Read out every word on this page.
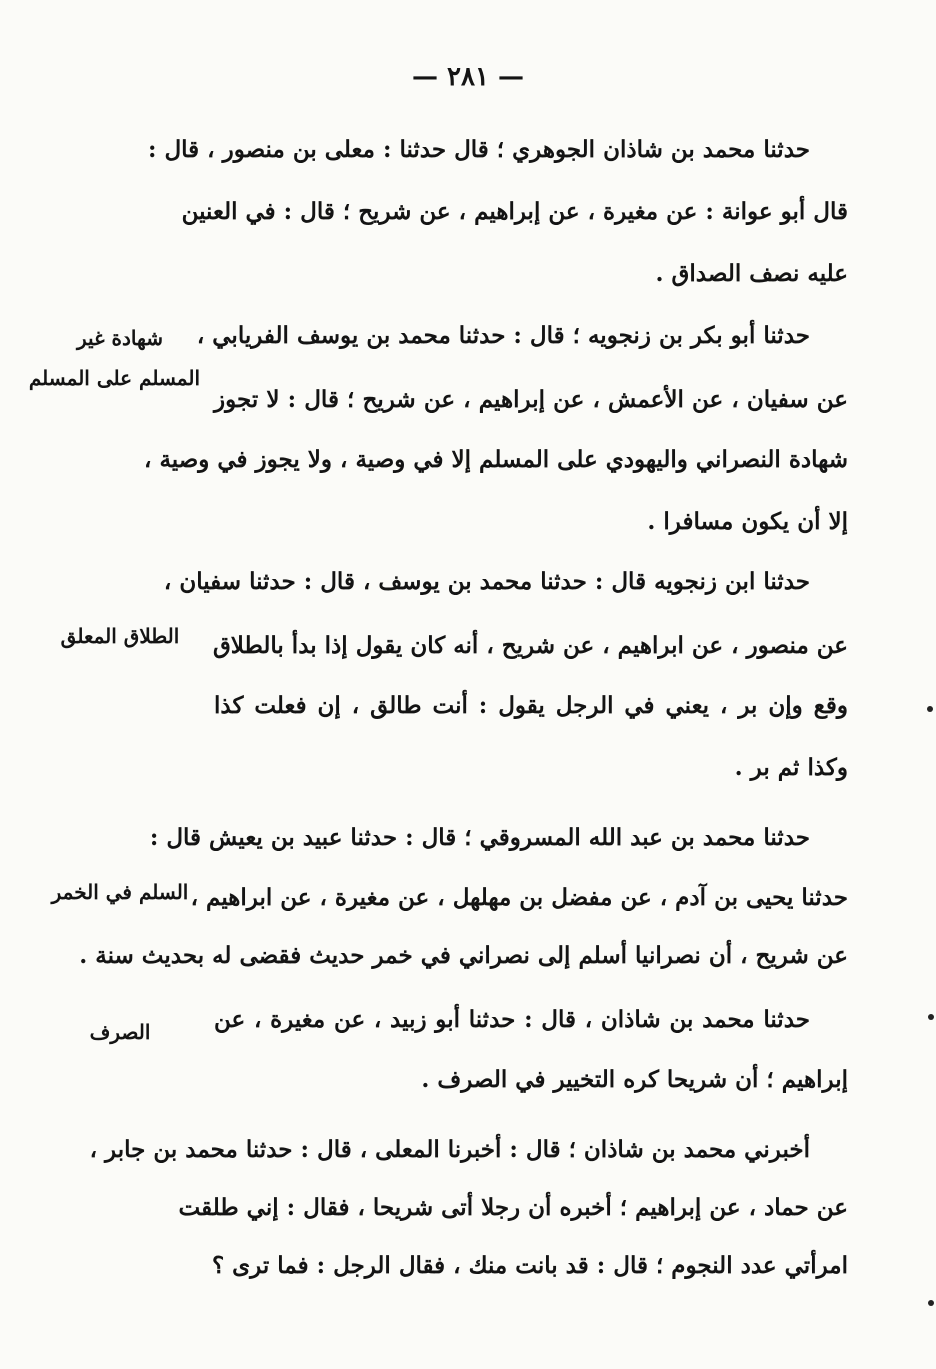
— ٢٨١ —
حدثنا محمد بن شاذان الجوهري ؛ قال حدثنا : معلى بن منصور ، قال :
قال أبو عوانة : عن مغيرة ، عن إبراهيم ، عن شريح ؛ قال : في العنين
عليه نصف الصداق .
حدثنا أبو بكر بن زنجويه ؛ قال : حدثنا محمد بن يوسف الفريابي ،
عن سفيان ، عن الأعمش ، عن إبراهيم ، عن شريح ؛ قال : لا تجوز
شهادة النصراني واليهودي على المسلم إلا في وصية ، ولا يجوز في وصية ،
إلا أن يكون مسافرا .
حدثنا ابن زنجويه قال : حدثنا محمد بن يوسف ، قال : حدثنا سفيان ،
عن منصور ، عن ابراهيم ، عن شريح ، أنه كان يقول إذا بدأ بالطلاق
وقع وإن بر ، يعني في الرجل يقول : أنت طالق ، إن فعلت كذا
وكذا ثم بر .
حدثنا محمد بن عبد الله المسروقي ؛ قال : حدثنا عبيد بن يعيش قال :
حدثنا يحيى بن آدم ، عن مفضل بن مهلهل ، عن مغيرة ، عن ابراهيم ،
عن شريح ، أن نصرانيا أسلم إلى نصراني في خمر حديث فقضى له بحديث سنة .
حدثنا محمد بن شاذان ، قال : حدثنا أبو زبيد ، عن مغيرة ، عن
إبراهيم ؛ أن شريحا كره التخيير في الصرف .
أخبرني محمد بن شاذان ؛ قال : أخبرنا المعلى ، قال : حدثنا محمد بن جابر ،
عن حماد ، عن إبراهيم ؛ أخبره أن رجلا أتى شريحا ، فقال : إني طلقت
امرأتي عدد النجوم ؛ قال : قد بانت منك ، فقال الرجل : فما ترى ؟
شهادة غير
المسلم على المسلم
الطلاق المعلق
السلم في الخمر
الصرف
